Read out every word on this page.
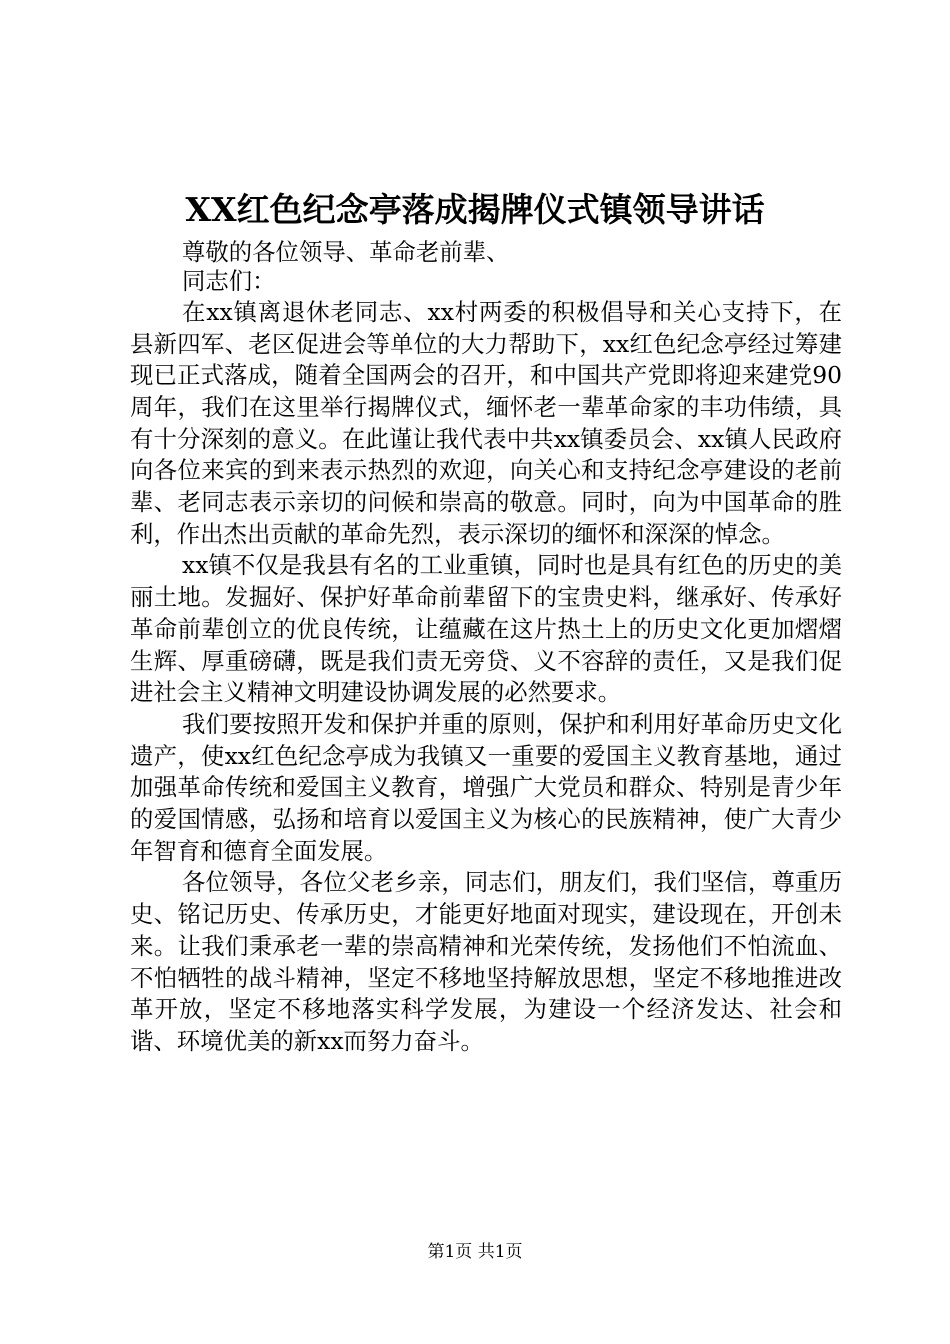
XX红色纪念亭落成揭牌仪式镇领导讲话

尊敬的各位领导、革命老前辈、

同志们：

在xx镇离退休老同志、xx村两委的积极倡导和关心支持下，在县新四军、老区促进会等单位的大力帮助下，xx红色纪念亭经过筹建现已正式落成，随着全国两会的召开，和中国共产党即将迎来建党90周年，我们在这里举行揭牌仪式，缅怀老一辈革命家的丰功伟绩，具有十分深刻的意义。在此谨让我代表中共xx镇委员会、xx镇人民政府向各位来宾的到来表示热烈的欢迎，向关心和支持纪念亭建设的老前辈、老同志表示亲切的问候和崇高的敬意。同时，向为中国革命的胜利，作出杰出贡献的革命先烈，表示深切的缅怀和深深的悼念。

xx镇不仅是我县有名的工业重镇，同时也是具有红色的历史的美丽土地。发掘好、保护好革命前辈留下的宝贵史料，继承好、传承好革命前辈创立的优良传统，让蕴藏在这片热土上的历史文化更加熠熠生辉、厚重磅礴，既是我们责无旁贷、义不容辞的责任，又是我们促进社会主义精神文明建设协调发展的必然要求。

我们要按照开发和保护并重的原则，保护和利用好革命历史文化遗产，使xx红色纪念亭成为我镇又一重要的爱国主义教育基地，通过加强革命传统和爱国主义教育，增强广大党员和群众、特别是青少年的爱国情感，弘扬和培育以爱国主义为核心的民族精神，使广大青少年智育和德育全面发展。

各位领导，各位父老乡亲，同志们，朋友们，我们坚信，尊重历史、铭记历史、传承历史，才能更好地面对现实，建设现在，开创未来。让我们秉承老一辈的崇高精神和光荣传统，发扬他们不怕流血、不怕牺牲的战斗精神，坚定不移地坚持解放思想，坚定不移地推进改革开放，坚定不移地落实科学发展，为建设一个经济发达、社会和谐、环境优美的新xx而努力奋斗。

第1页 共1页
